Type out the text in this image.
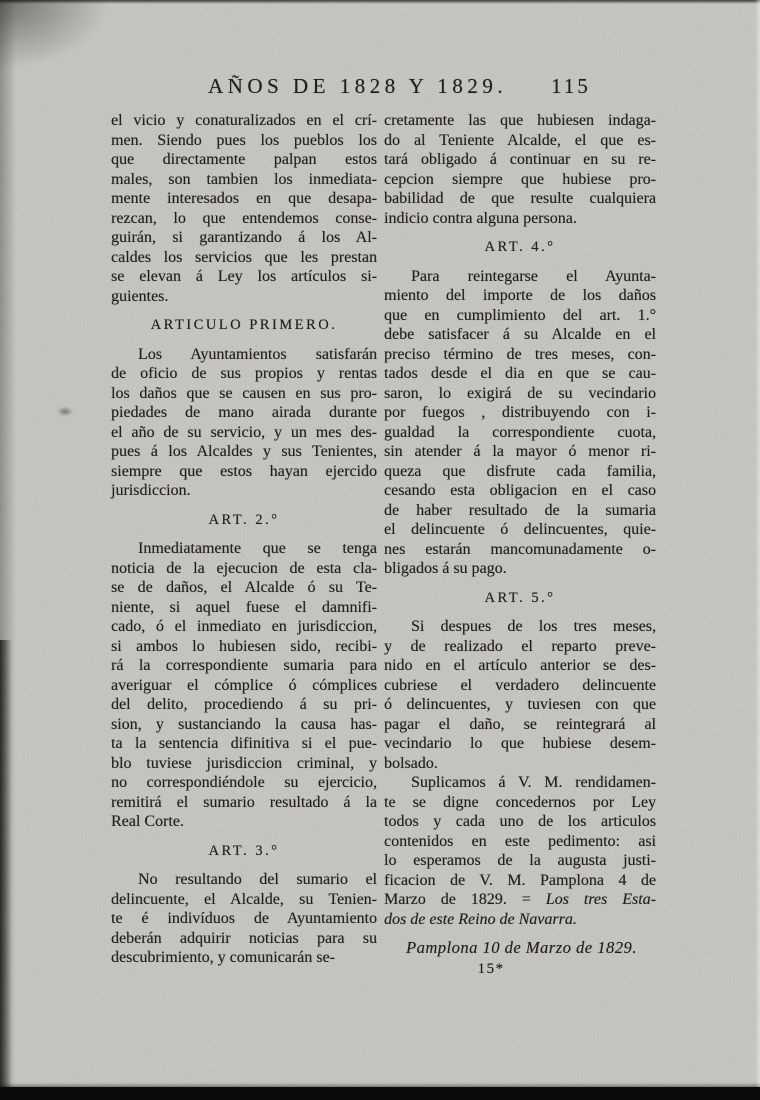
AÑOS DE 1828 Y 1829. 115
el vicio y conaturalizados en el crí-
men. Siendo pues los pueblos los
que directamente palpan estos
males, son tambien los inmediata-
mente interesados en que desapa-
rezcan, lo que entendemos conse-
guirán, si garantizando á los Al-
caldes los servicios que les prestan
se elevan á Ley los artículos si-
guientes.
ARTICULO PRIMERO.
Los Ayuntamientos satisfarán
de oficio de sus propios y rentas
los daños que se causen en sus pro-
piedades de mano airada durante
el año de su servicio, y un mes des-
pues á los Alcaldes y sus Tenientes,
siempre que estos hayan ejercido
jurisdiccion.
ART. 2.°
Inmediatamente que se tenga
noticia de la ejecucion de esta cla-
se de daños, el Alcalde ó su Te-
niente, si aquel fuese el damnifi-
cado, ó el inmediato en jurisdiccion,
si ambos lo hubiesen sido, recibi-
rá la correspondiente sumaria para
averiguar el cómplice ó cómplices
del delito, procediendo á su pri-
sion, y sustanciando la causa has-
ta la sentencia difinitiva si el pue-
blo tuviese jurisdiccion criminal, y
no correspondiéndole su ejercicio,
remitirá el sumario resultado á la
Real Corte.
ART. 3.°
No resultando del sumario el
delincuente, el Alcalde, su Tenien-
te é indivíduos de Ayuntamiento
deberán adquirir noticias para su
descubrimiento, y comunicarán se-
cretamente las que hubiesen indaga-
do al Teniente Alcalde, el que es-
tará obligado á continuar en su re-
cepcion siempre que hubiese pro-
babilidad de que resulte cualquiera
indicio contra alguna persona.
ART. 4.°
Para reintegarse el Ayunta-
miento del importe de los daños
que en cumplimiento del art. 1.°
debe satisfacer á su Alcalde en el
preciso término de tres meses, con-
tados desde el dia en que se cau-
saron, lo exigirá de su vecindario
por fuegos , distribuyendo con i-
gualdad la correspondiente cuota,
sin atender á la mayor ó menor ri-
queza que disfrute cada familia,
cesando esta obligacion en el caso
de haber resultado de la sumaria
el delincuente ó delincuentes, quie-
nes estarán mancomunadamente o-
bligados á su pago.
ART. 5.°
Si despues de los tres meses,
y de realizado el reparto preve-
nido en el artículo anterior se des-
cubriese el verdadero delincuente
ó delincuentes, y tuviesen con que
pagar el daño, se reintegrará al
vecindario lo que hubiese desem-
bolsado.
Suplicamos á V. M. rendidamen-
te se digne concedernos por Ley
todos y cada uno de los articulos
contenidos en este pedimento: asi
lo esperamos de la augusta justi-
ficacion de V. M. Pamplona 4 de
Marzo de 1829. = Los tres Esta-
dos de este Reino de Navarra.
Pamplona 10 de Marzo de 1829.
15*
